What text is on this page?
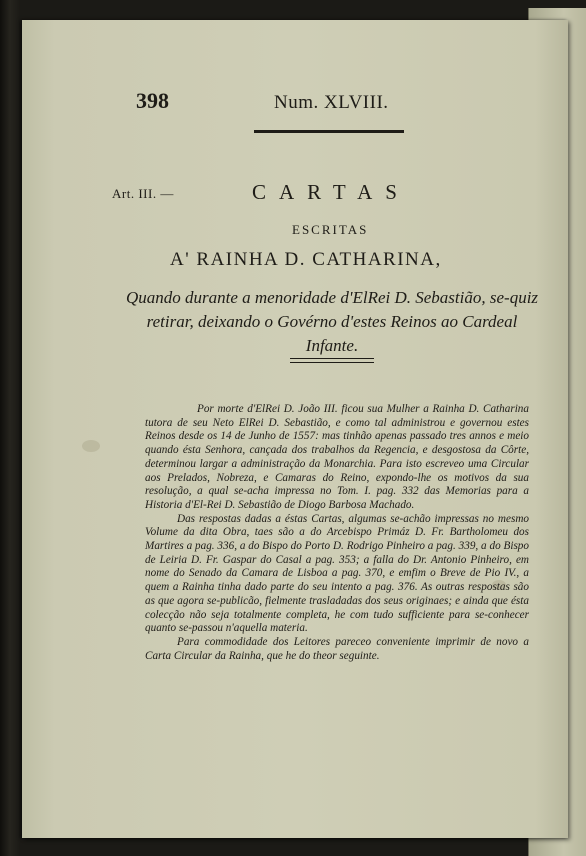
398	Num. XLVIII.
Art. III. —	CARTAS
ESCRITAS
A' RAINHA D. CATHARINA,
Quando durante a menoridade d'ElRei D. Sebastião, se-quiz retirar, deixando o Govérno d'estes Reinos ao Cardeal Infante.

Por morte d'ElRei D. João III. ficou sua Mulher a Rainha D. Catharina tutora de seu Neto ElRei D. Sebastião, e como tal administrou e governou estes Reinos desde os 14 de Junho de 1557: mas tinhão apenas passado tres annos e meio quando ésta Senhora, cançada dos trabalhos da Regencia, e desgostosa da Côrte, determinou largar a administração da Monarchia. Para isto escreveo uma Circular aos Prelados, Nobreza, e Camaras do Reino, expondo-lhe os motivos da sua resolução, a qual se-acha impressa no Tom. I. pag. 332 das Memorias para a Historia d'El-Rei D. Sebastião de Diogo Barbosa Machado.

Das respostas dadas a éstas Cartas, algumas se-achão impressas no mesmo Volume da dita Obra, taes são a do Arcebispo Primáz D. Fr. Bartholomeu dos Martires a pag. 336, a do Bispo do Porto D. Rodrigo Pinheiro a pag. 339, a do Bispo de Leiria D. Fr. Gaspar do Casal a pag. 353; a falla do Dr. Antonio Pinheiro, em nome do Senado da Camara de Lisboa a pag. 370, e emfim o Breve de Pio IV., a quem a Rainha tinha dado parte do seu intento a pag. 376. As outras respostas são as que agora se-publicão, fielmente trasladadas dos seus originaes; e ainda que ésta colecção não seja totalmente completa, he com tudo sufficiente para se-conhecer quanto se-passou n'aquella materia.

Para commodidade dos Leitores pareceo conveniente imprimir de novo a Carta Circular da Rainha, que he do theor seguinte.
